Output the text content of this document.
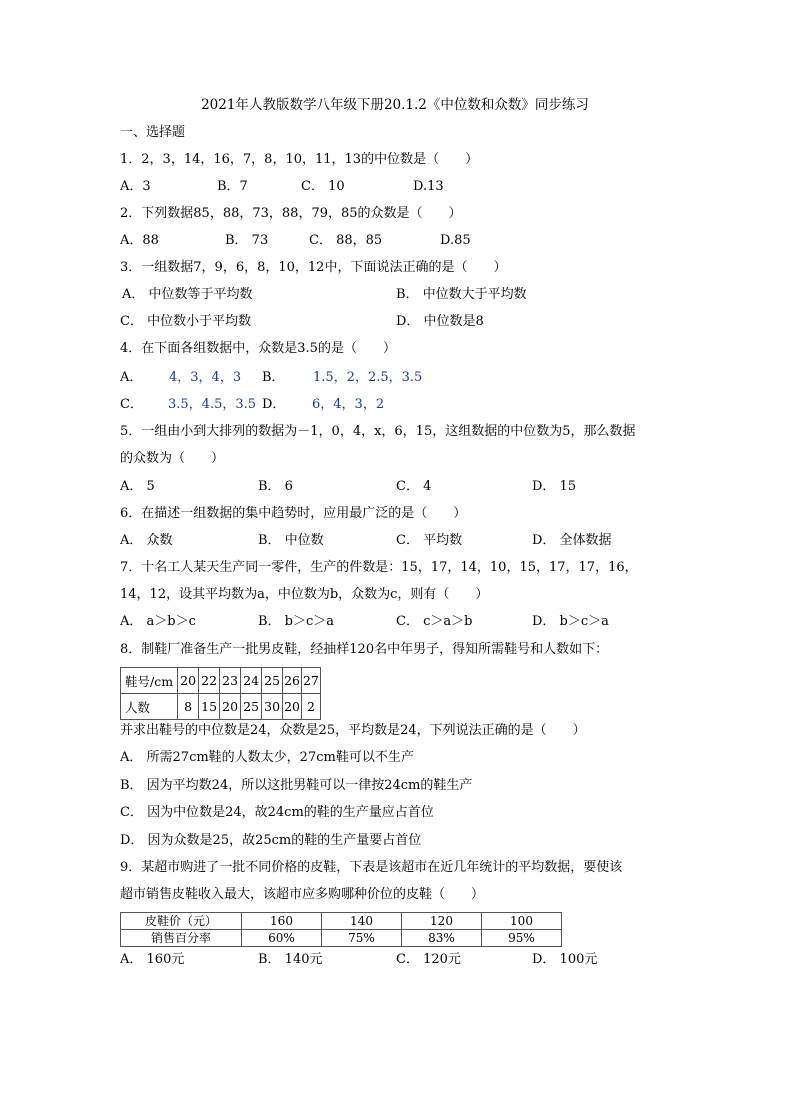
2021年人教版数学八年级下册20.1.2《中位数和众数》同步练习
一、选择题
1．2，3，14，16，7，8，10，11，13的中位数是（　　）
A．3	B．7	C． 10	D.13
2．下列数据85，88，73，88，79，85的众数是（　　）
A．88	B． 73	C． 88，85	D.85
3．一组数据7，9，6，8，10，12中，下面说法正确的是（　　）
A． 中位数等于平均数	B． 中位数大于平均数
C． 中位数小于平均数	D． 中位数是8
4．在下面各组数据中，众数是3.5的是（　　）
A． 4，3，4，3 B． 1.5，2，2.5，3.5
C． 3.5，4.5，3.5 D． 6，4，3，2
5．一组由小到大排列的数据为－1，0，4，x，6，15，这组数据的中位数为5，那么数据
的众数为（　　）
A． 5	B． 6	C． 4	D． 15
6．在描述一组数据的集中趋势时，应用最广泛的是（　　）
A． 众数	B． 中位数	C． 平均数	D． 全体数据
7．十名工人某天生产同一零件，生产的件数是：15，17，14，10，15，17，17，16，
14，12，设其平均数为a，中位数为b，众数为c，则有（　　）
A． a＞b＞c	B． b＞c＞a	C． c＞a＞b	D． b＞c＞a
8．制鞋厂准备生产一批男皮鞋，经抽样120名中年男子，得知所需鞋号和人数如下：
鞋号/cm	20	22	23	24	25	26	27
人数	8	15	20	25	30	20	2
并求出鞋号的中位数是24，众数是25，平均数是24，下列说法正确的是（　　）
A． 所需27cm鞋的人数太少，27cm鞋可以不生产
B． 因为平均数24，所以这批男鞋可以一律按24cm的鞋生产
C． 因为中位数是24，故24cm的鞋的生产量应占首位
D． 因为众数是25，故25cm的鞋的生产量要占首位
9．某超市购进了一批不同价格的皮鞋，下表是该超市在近几年统计的平均数据，要使该
超市销售皮鞋收入最大，该超市应多购哪种价位的皮鞋（　　）
皮鞋价（元）	160	140	120	100
销售百分率	60%	75%	83%	95%
A． 160元	B． 140元	C． 120元	D． 100元
